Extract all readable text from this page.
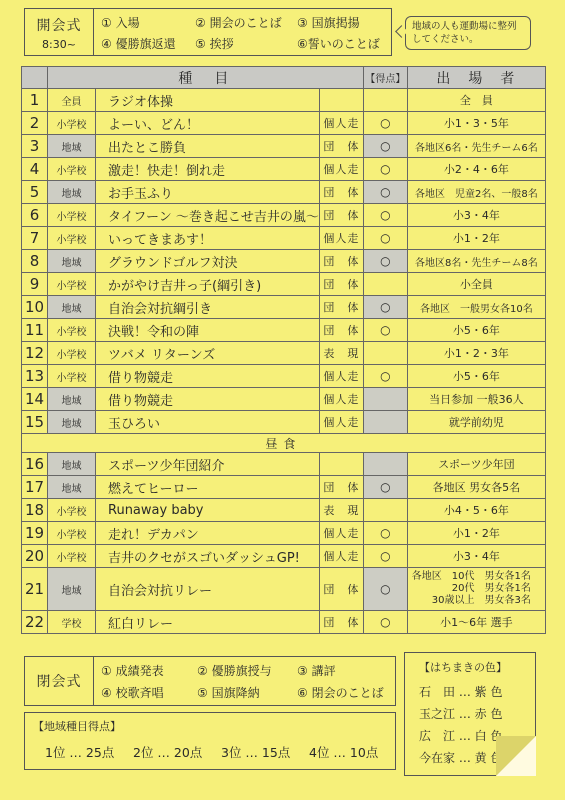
開会式
8:30~
① 入場	② 開会のことば ③ 国旗掲揚
④ 優勝旗返還 ⑤ 挨拶	⑥誓いのことば
地域の人も運動場に整列してください。
	種　目			【得点】	出　場　者
1	全員	ラジオ体操			全　員
2	小学校	よーい、どん！	個人走	○	小1・3・5年
3	地域	出たとこ勝負	団　体	○	各地区6名・先生チーム6名
4	小学校	激走！快走！倒れ走	個人走	○	小2・4・6年
5	地域	お手玉ふり	団　体	○	各地区　児童2名、一般8名
6	小学校	タイフーン ～巻き起こせ吉井の嵐～	団　体	○	小3・4年
7	小学校	いってきまあす！	個人走	○	小1・2年
8	地域	グラウンドゴルフ対決	団　体	○	各地区8名・先生チーム8名
9	小学校	かがやけ吉井っ子(綱引き)	団　体		小全員
10	地域	自治会対抗綱引き	団　体	○	各地区　一般男女各10名
11	小学校	決戦！令和の陣	団　体	○	小5・6年
12	小学校	ツバメ リターンズ	表　現		小1・2・3年
13	小学校	借り物競走	個人走	○	小5・6年
14	地域	借り物競走	個人走		当日参加 一般36人
15	地域	玉ひろい	個人走		就学前幼児
昼食					
16	地域	スポーツ少年団紹介			スポーツ少年団
17	地域	燃えてヒーロー	団　体	○	各地区 男女各5名
18	小学校	Runaway baby	表　現		小4・5・6年
19	小学校	走れ！デカパン	個人走	○	小1・2年
20	小学校	吉井のクセがスゴいダッシュGP!	個人走	○	小3・4年
21	地域	自治会対抗リレー	団　体	○	各地区　10代　男女各1名
20代　男女各1名
30歳以上　男女各3名

22	学校	紅白リレー	団　体	○	小1～6年 選手
閉会式
① 成績発表	② 優勝旗授与 ③ 講評
④ 校歌斉唱	⑤ 国旗降納	⑥ 閉会のことば
【地域種目得点】
1位 … 25点 2位 … 20点 3位 … 15点 4位 … 10点
【はちまきの色】
石　田 … 紫 色
玉之江 … 赤 色
広　江 … 白 色
今在家 … 黄 色
